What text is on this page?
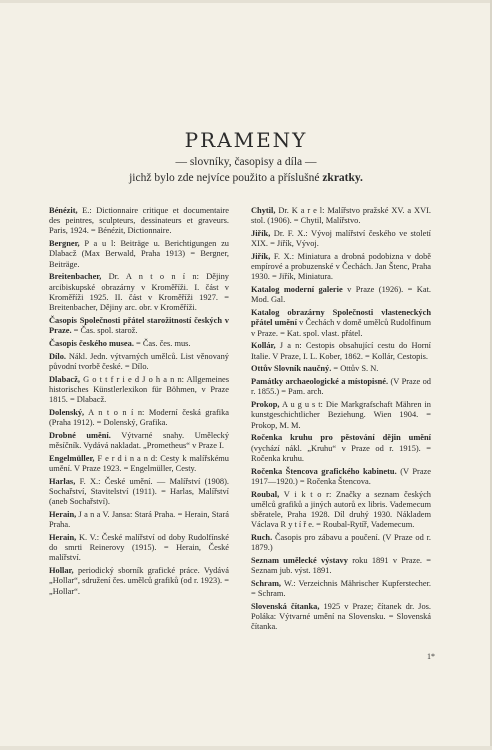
PRAMENY
— slovníky, časopisy a díla —
jichž bylo zde nejvíce použito a příslušné zkratky.

Bénézit, E.: Dictionnaire critique et documentaire des peintres, sculpteurs, dessinateurs et graveurs. Paris, 1924. = Bénézit, Dictionnaire.

Bergner, P a u l: Beiträge u. Berichtigungen zu Dlabacž (Max Berwald, Praha 1913) = Bergner, Beiträge.

Breitenbacher, Dr. A n t o n í n: Dějiny arcibiskupské obrazárny v Kroměříži. I. část v Kroměříži 1925. II. část v Kroměříži 1927. = Breitenbacher, Dějiny arc. obr. v Kroměříži.

Časopis Společnosti přátel starožitností českých v Praze. = Čas. spol. starož.

Časopis českého musea. = Čas. čes. mus.

Dílo. Nákl. Jedn. výtvarných umělců. List věnovaný původní tvorbě české. = Dílo.

Dlabacž, G o t t f r i e d J o h a n n: Allgemeines historisches Künstlerlexikon für Böhmen, v Praze 1815. = Dlabacž.

Dolenský, A n t o n í n: Moderní česká grafika (Praha 1912). = Dolenský, Grafika.

Drobné umění. Výtvarné snahy. Umělecký měsíčník. Vydává nakladat. „Prometheus“ v Praze I.

Engelmüller, F e r d i n a n d: Cesty k malířskému umění. V Praze 1923. = Engelmüller, Cesty.

Harlas, F. X.: České umění. — Malířství (1908). Sochařství, Stavitelství (1911). = Harlas, Malířství (aneb Sochařství).

Herain, J a n a V. Jansa: Stará Praha. = Herain, Stará Praha.

Herain, K. V.: České malířství od doby Rudolfínské do smrti Reinerovy (1915). = Herain, České malířství.

Hollar, periodický sborník grafické práce. Vydává „Hollar“, sdružení čes. umělců grafiků (od r. 1923). = „Hollar“.

Chytil, Dr. K a r e l: Malířstvo pražské XV. a XVI. stol. (1906). = Chytil, Malířstvo.

Jiřík, Dr. F. X.: Vývoj malířství českého ve století XIX. = Jiřík, Vývoj.

Jiřík, F. X.: Miniatura a drobná podobizna v době empírové a probuzenské v Čechách. Jan Štenc, Praha 1930. = Jiřík, Miniatura.

Katalog moderní galerie v Praze (1926). = Kat. Mod. Gal.

Katalog obrazárny Společnosti vlasteneckých přátel umění v Čechách v domě umělců Rudolfinum v Praze. = Kat. spol. vlast. přátel.

Kollár, J a n: Cestopis obsahující cestu do Horní Italie. V Praze, I. L. Kober, 1862. = Kollár, Cestopis.

Ottův Slovník naučný. = Ottův S. N.

Památky archaeologické a místopisné. (V Praze od r. 1855.) = Pam. arch.

Prokop, A u g u s t: Die Markgrafschaft Mähren in kunstgeschichtlicher Beziehung. Wien 1904. = Prokop, M. M.

Ročenka kruhu pro pěstování dějin umění (vychází nákl. „Kruhu“ v Praze od r. 1915). = Ročenka kruhu.

Ročenka Štencova grafického kabinetu. (V Praze 1917—1920.) = Ročenka Štencova.

Roubal, V i k t o r: Značky a seznam českých umělců grafiků a jiných autorů ex libris. Vademecum sběratele, Praha 1928. Díl druhý 1930. Nákladem Václava R y t í ř e. = Roubal-Rytíř, Vademecum.

Ruch. Časopis pro zábavu a poučení. (V Praze od r. 1879.)

Seznam umělecké výstavy roku 1891 v Praze. = Seznam jub. výst. 1891.

Schram, W.: Verzeichnis Mährischer Kupferstecher. = Schram.

Slovenská čítanka, 1925 v Praze; čítanek dr. Jos. Poláka: Výtvarné umění na Slovensku. = Slovenská čítanka.

1*
